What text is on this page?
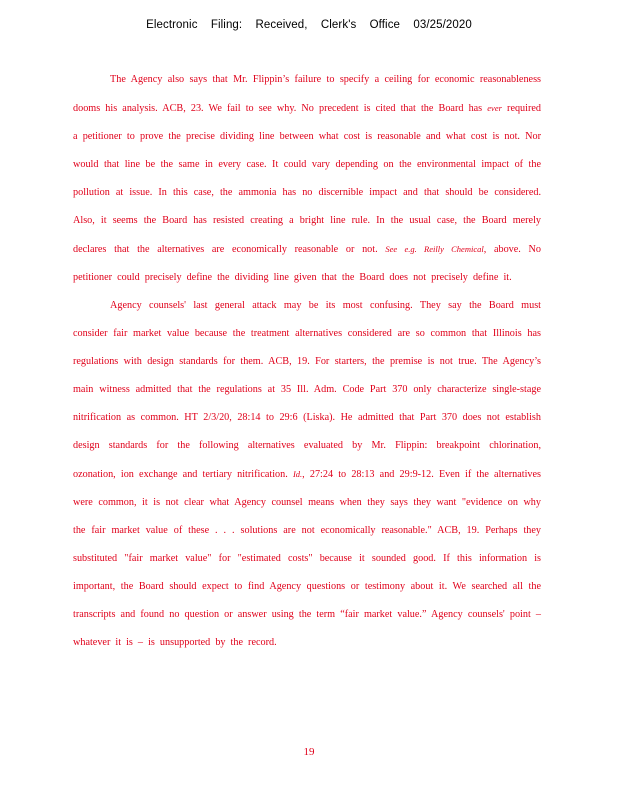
Electronic Filing: Received, Clerk's Office 03/25/2020

The Agency also says that Mr. Flippin’s failure to specify a ceiling for economic reasonableness dooms his analysis. ACB, 23. We fail to see why. No precedent is cited that the Board has ever required a petitioner to prove the precise dividing line between what cost is reasonable and what cost is not. Nor would that line be the same in every case. It could vary depending on the environmental impact of the pollution at issue. In this case, the ammonia has no discernible impact and that should be considered. Also, it seems the Board has resisted creating a bright line rule. In the usual case, the Board merely declares that the alternatives are economically reasonable or not. See e.g. Reilly Chemical, above. No petitioner could precisely define the dividing line given that the Board does not precisely define it.

Agency counsels' last general attack may be its most confusing. They say the Board must consider fair market value because the treatment alternatives considered are so common that Illinois has regulations with design standards for them. ACB, 19. For starters, the premise is not true. The Agency’s main witness admitted that the regulations at 35 Ill. Adm. Code Part 370 only characterize single-stage nitrification as common. HT 2/3/20, 28:14 to 29:6 (Liska). He admitted that Part 370 does not establish design standards for the following alternatives evaluated by Mr. Flippin: breakpoint chlorination, ozonation, ion exchange and tertiary nitrification. Id., 27:24 to 28:13 and 29:9-12. Even if the alternatives were common, it is not clear what Agency counsel means when they says they want "evidence on why the fair market value of these . . . solutions are not economically reasonable." ACB, 19. Perhaps they substituted "fair market value" for "estimated costs" because it sounded good. If this information is important, the Board should expect to find Agency questions or testimony about it. We searched all the transcripts and found no question or answer using the term “fair market value.” Agency counsels' point –whatever it is – is unsupported by the record.

19
